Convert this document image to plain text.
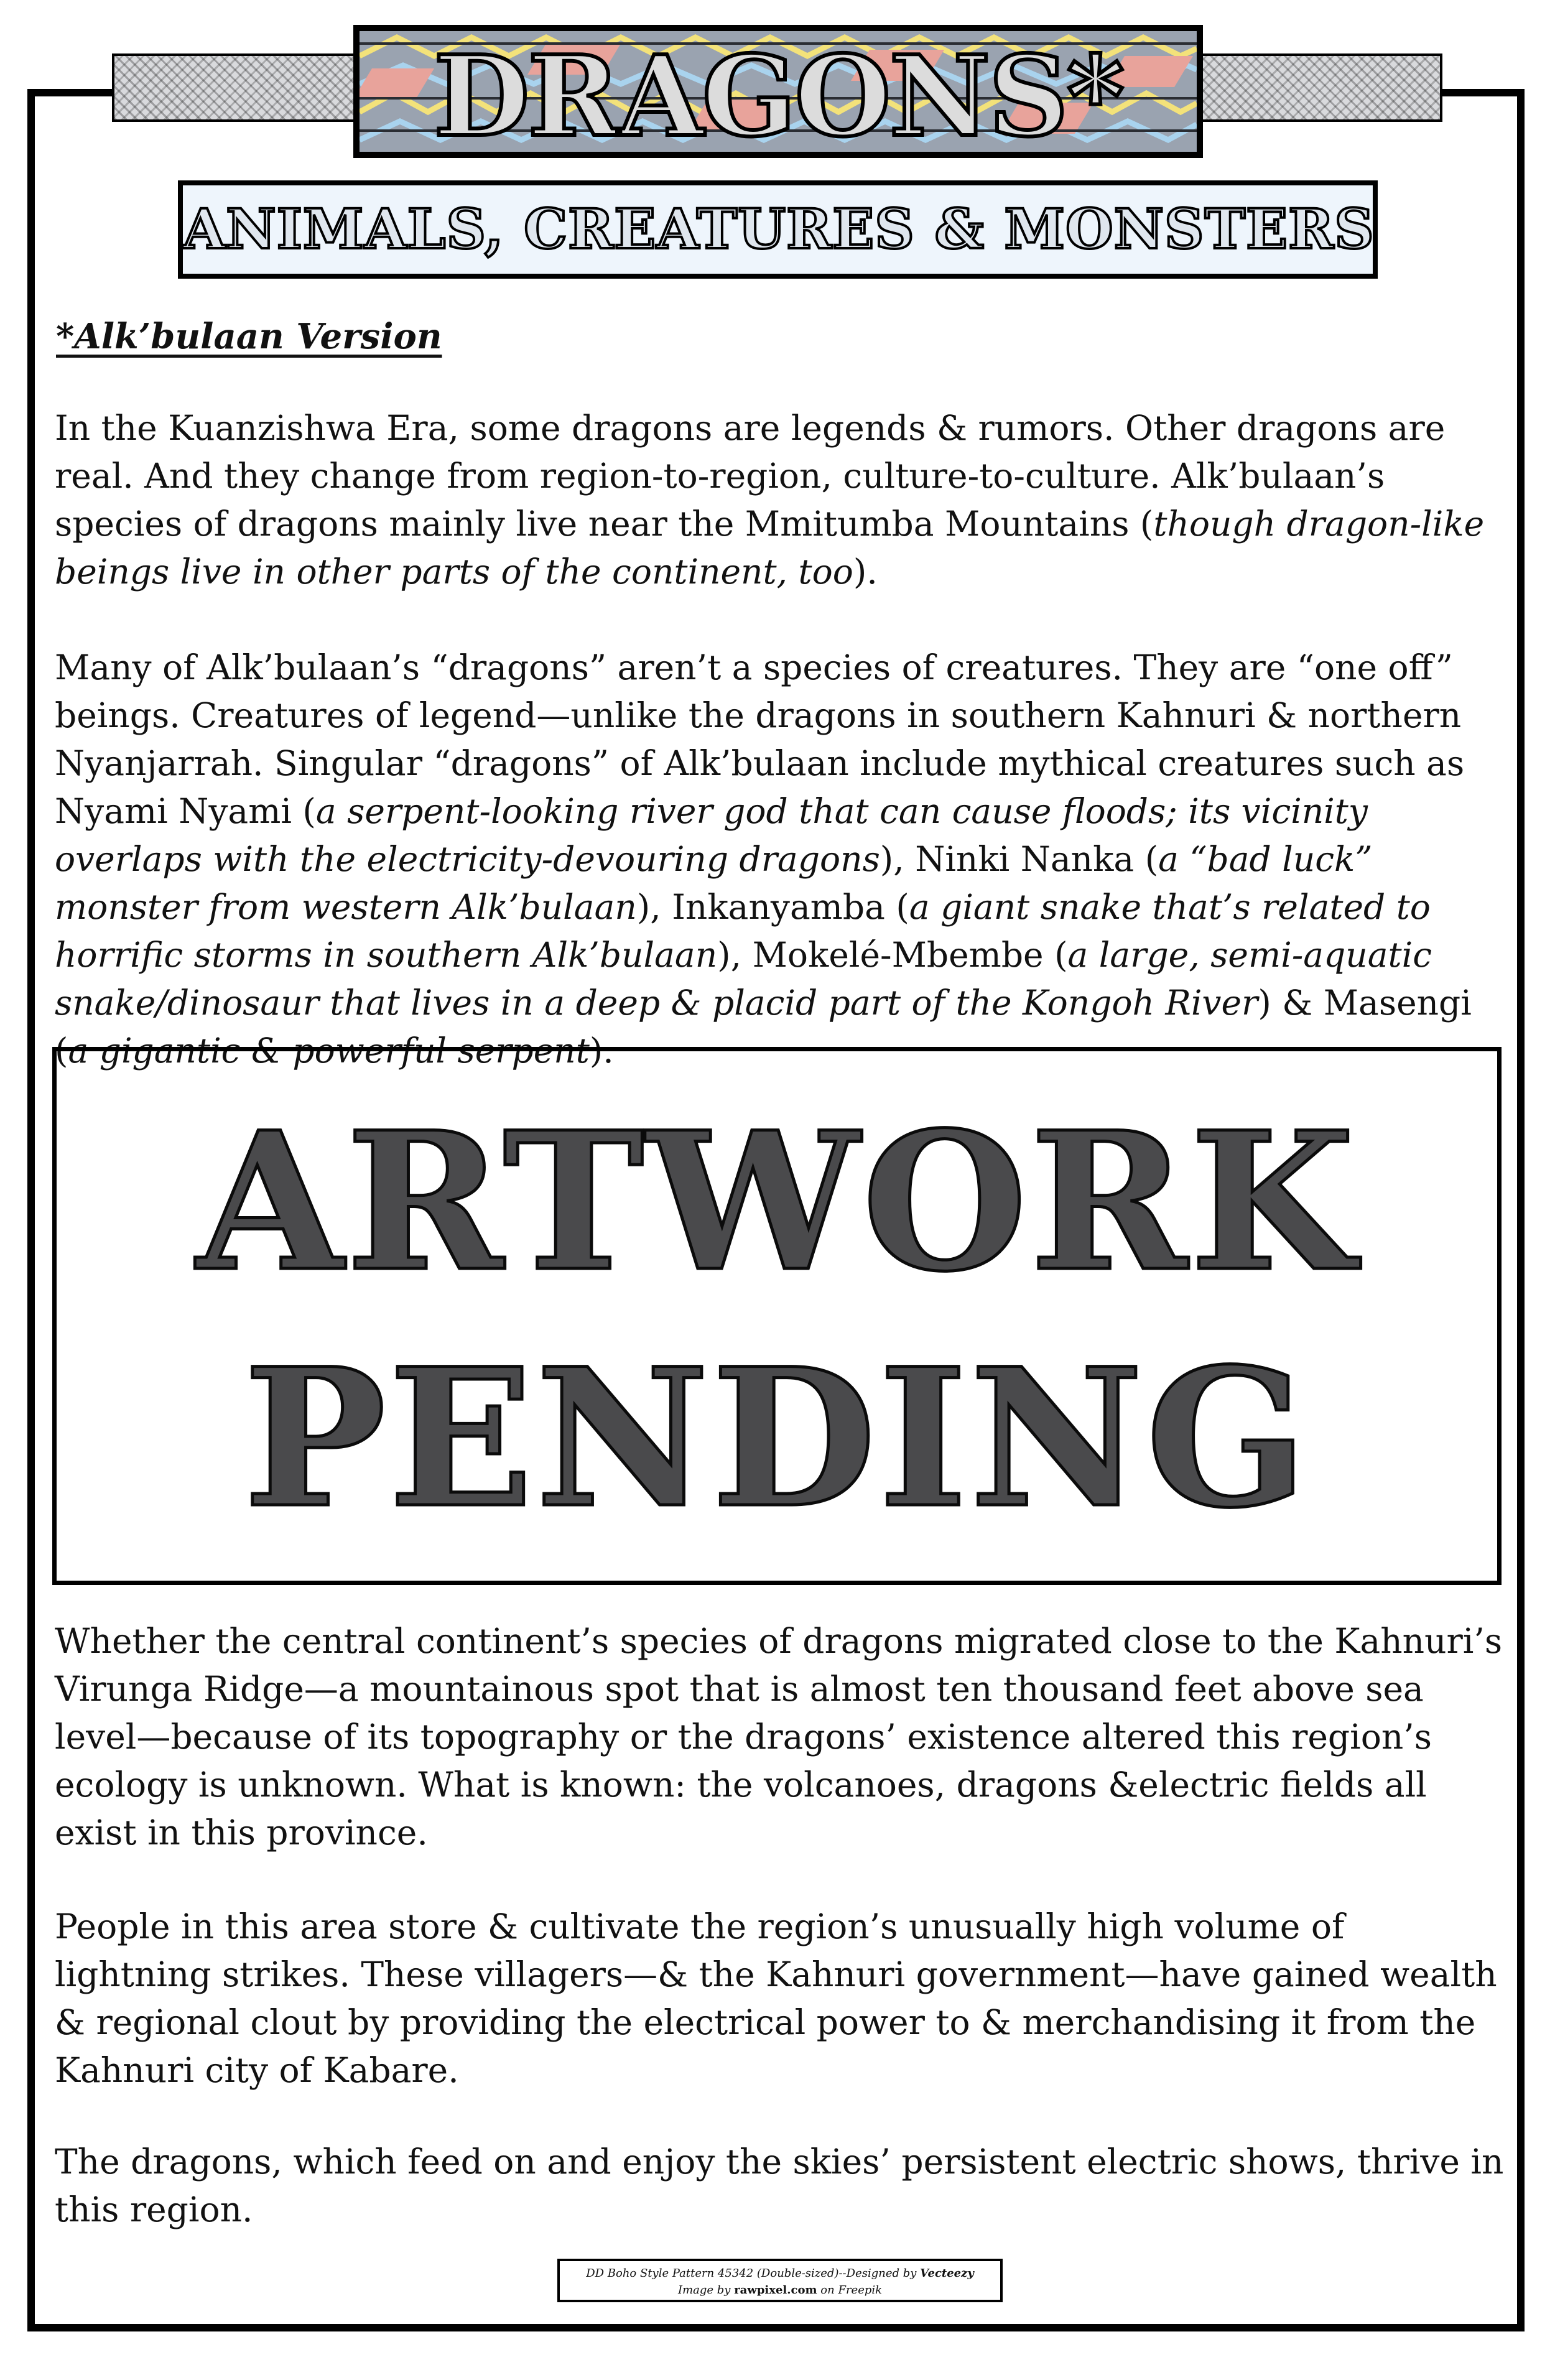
DRAGONS*
ANIMALS, CREATURES & MONSTERS
*Alk’bulaan Version

In the Kuanzishwa Era, some dragons are legends & rumors. Other dragons are real. And they change from region-to-region, culture-to-culture. Alk’bulaan’s species of dragons mainly live near the Mmitumba Mountains (though dragon-like beings live in other parts of the continent, too).

Many of Alk’bulaan’s “dragons” aren’t a species of creatures. They are “one off” beings. Creatures of legend—unlike the dragons in southern Kahnuri & northern Nyanjarrah. Singular “dragons” of Alk’bulaan include mythical creatures such as Nyami Nyami (a serpent-looking river god that can cause floods; its vicinity overlaps with the electricity-devouring dragons), Ninki Nanka (a “bad luck” monster from western Alk’bulaan), Inkanyamba (a giant snake that’s related to horrific storms in southern Alk’bulaan), Mokelé-Mbembe (a large, semi-aquatic snake/dinosaur that lives in a deep & placid part of the Kongoh River) & Masengi (a gigantic & powerful serpent).

ARTWORK
PENDING

Whether the central continent’s species of dragons migrated close to the Kahnuri’s Virunga Ridge—a mountainous spot that is almost ten thousand feet above sea level—because of its topography or the dragons’ existence altered this region’s ecology is unknown. What is known: the volcanoes, dragons &electric fields all exist in this province.

People in this area store & cultivate the region’s unusually high volume of lightning strikes. These villagers—& the Kahnuri government—have gained wealth & regional clout by providing the electrical power to & merchandising it from the Kahnuri city of Kabare.

The dragons, which feed on and enjoy the skies’ persistent electric shows, thrive in this region.

DD Boho Style Pattern 45342 (Double-sized)--Designed by Vecteezy
Image by rawpixel.com on Freepik
